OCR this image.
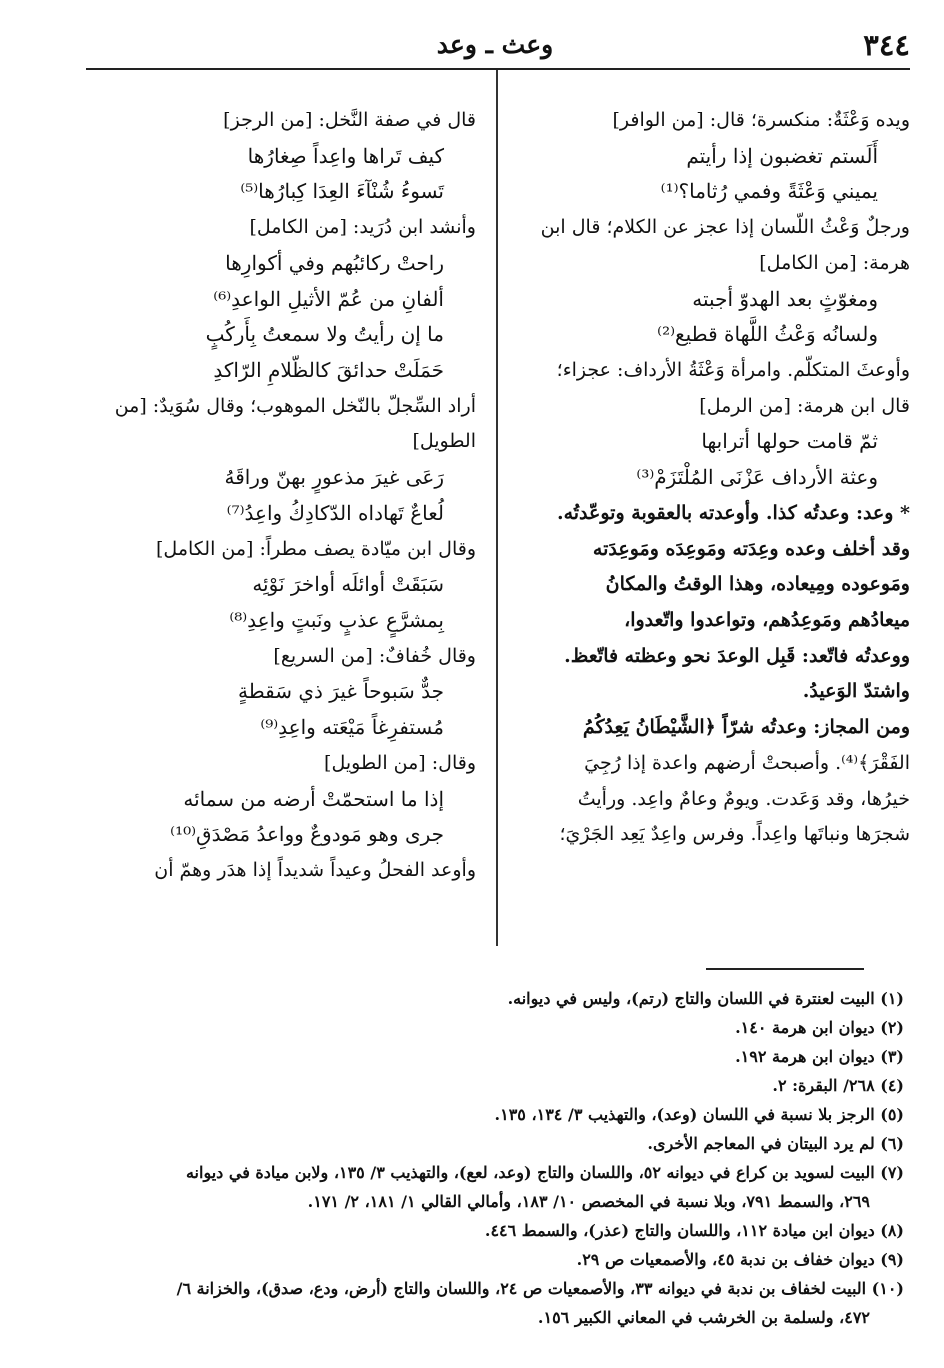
٣٤٤
وعث ـ وعد
ويده وَعْثَةٌ: منكسرة؛ قال: [من الوافر]
أَلَستم تغضبون إذا رأيتم
يميني وَعْثَةً وفمي رُثاما؟⁽¹⁾
ورجلٌ وَعْثُ اللّسان إذا عجز عن الكلام؛ قال ابن
هرمة: [من الكامل]
ومغوّثٍ بعد الهدوّ أجبته
ولسانُه وَعْثُ اللَّهاة قطيع⁽²⁾
وأوعثَ المتكلّم. وامرأة وَعْثَةُ الأرداف: عجزاء؛
قال ابن هرمة: [من الرمل]
ثمّ قامت حولها أترابها
وعثة الأرداف عَزْنَى المُلْتَزَمْ⁽³⁾
* وعد: وعدتُه كذا. وأوعدته بالعقوبة وتوعّدتُه.
وقد أخلف وعده وعِدَته ومَوعِدَه ومَوعِدَته
ومَوعوده ومِيعاده، وهذا الوقتُ والمكانُ
ميعادُهم ومَوعِدُهم، وتواعدوا واتّعدوا،
ووعدتُه فاتّعد: قَبِل الوعدَ نحو وعظته فاتّعظ.
واشتدّ الوَعيدُ.
ومن المجاز: وعدتُه شرّاً ﴿الشَّيْطَانُ يَعِدُكُمُ
الفَقْرَ﴾⁽⁴⁾. وأصبحتْ أرضهم واعدة إذا رُجِيَ
خيرُها، وقد وَعَدت. ويومٌ وعامٌ واعِد. ورأيتُ
شجرَها ونباتَها واعِداً. وفرس واعِدٌ يَعِد الجَرْيَ؛
قال في صفة النَّخل: [من الرجز]
كيف تَراها واعِداً صِغارُها
تَسوءُ شُنْآءَ العِدَا كِبارُها⁽⁵⁾
وأنشد ابن دُرَيد: [من الكامل]
راحتْ ركائبُهم وفي أكوارِها
ألفانِ من عُمّ الأثيلِ الواعدِ⁽⁶⁾
ما إن رأيتُ ولا سمعتُ بِأَركُبٍ
حَمَلَتْ حدائقَ كالظّلامِ الرّاكدِ
أراد السِّجلّ بالنّخل الموهوب؛ وقال سُوَيدٌ: [من
الطويل]
رَعَى غيرَ مذعورٍ بهنّ وراقَهُ
لُعاعٌ تَهاداه الدّكادِكُ واعِدُ⁽⁷⁾
وقال ابن ميّادة يصف مطراً: [من الكامل]
سَبَقَتْ أوائلَه أواخرَ نَوْئِه
بِمشرَّعٍ عذبٍ ونَبتٍ واعِدِ⁽⁸⁾
وقال خُفافٌ: [من السريع]
جدٌّ سَبوحاً غيرَ ذي سَقطةٍ
مُستفرِغاً مَيْعَته واعِدِ⁽⁹⁾
وقال: [من الطويل]
إذا ما استحمّتْ أرضه من سمائه
جرى وهو مَودوعٌ وواعدُ مَصْدَقِ⁽¹⁰⁾
وأوعد الفحلُ وعيداً شديداً إذا هدَر وهمّ أن
(١) البيت لعنترة في اللسان والتاج (رتم)، وليس في ديوانه.
(٢) ديوان ابن هرمة ١٤٠.
(٣) ديوان ابن هرمة ١٩٢.
(٤) ٢٦٨/ البقرة: ٢.
(٥) الرجز بلا نسبة في اللسان (وعد)، والتهذيب ٣/ ١٣٤، ١٣٥.
(٦) لم يرد البيتان في المعاجم الأخرى.
(٧) البيت لسويد بن كراع في ديوانه ٥٢، واللسان والتاج (وعد، لعع)، والتهذيب ٣/ ١٣٥، ولابن ميادة في ديوانه
٢٦٩، والسمط ٧٩١، وبلا نسبة في المخصص ١٠/ ١٨٣، وأمالي القالي ١/ ١٨١، ٢/ ١٧١.
(٨) ديوان ابن ميادة ١١٢، واللسان والتاج (عذر)، والسمط ٤٤٦.
(٩) ديوان خفاف بن ندبة ٤٥، والأصمعيات ص ٢٩.
(١٠) البيت لخفاف بن ندبة في ديوانه ٣٣، والأصمعيات ص ٢٤، واللسان والتاج (أرض، ودع، صدق)، والخزانة ٦/
٤٧٢، ولسلمة بن الخرشب في المعاني الكبير ١٥٦.
